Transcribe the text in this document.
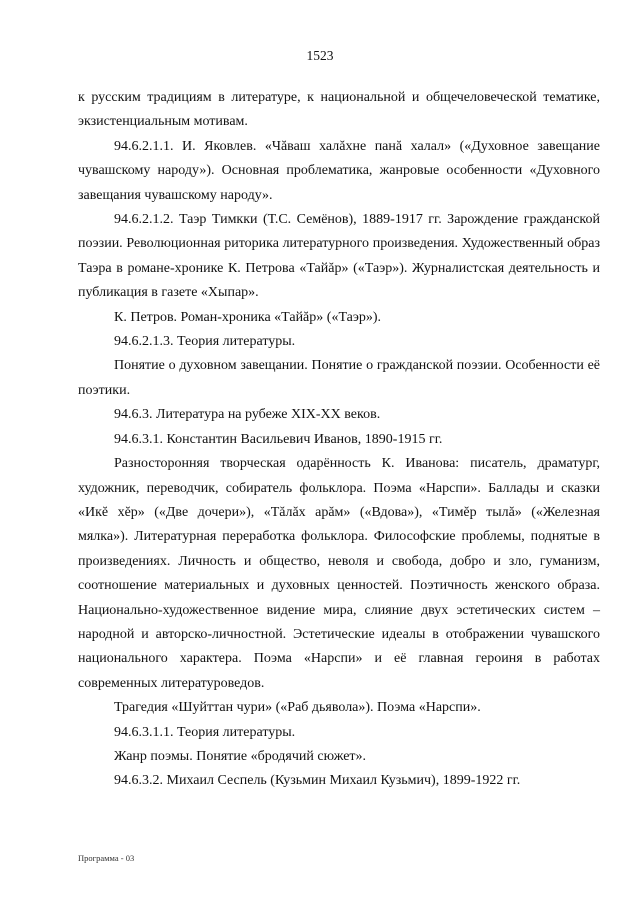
1523

к русским традициям в литературе, к национальной и общечеловеческой тематике, экзистенциальным мотивам.

94.6.2.1.1. И. Яковлев. «Чăваш халăхне панă халал» («Духовное завещание чувашскому народу»). Основная проблематика, жанровые особенности «Духовного завещания чувашскому народу».

94.6.2.1.2. Таэр Тимкки (Т.С. Семёнов), 1889-1917 гг. Зарождение гражданской поэзии. Революционная риторика литературного произведения. Художественный образ Таэра в романе-хронике К. Петрова «Тайăр» («Таэр»). Журналистская деятельность и публикация в газете «Хыпар».

К. Петров. Роман-хроника «Тайăр» («Таэр»).

94.6.2.1.3. Теория литературы.

Понятие о духовном завещании. Понятие о гражданской поэзии. Особенности её поэтики.

94.6.3. Литература на рубеже XIX-XX веков.

94.6.3.1. Константин Васильевич Иванов, 1890-1915 гг.

Разносторонняя творческая одарённость К. Иванова: писатель, драматург, художник, переводчик, собиратель фольклора. Поэма «Нарспи». Баллады и сказки «Икĕ хĕр» («Две дочери»), «Тăлăх арăм» («Вдова»), «Тимĕр тылă» («Железная мялка»). Литературная переработка фольклора. Философские проблемы, поднятые в произведениях. Личность и общество, неволя и свобода, добро и зло, гуманизм, соотношение материальных и духовных ценностей. Поэтичность женского образа. Национально-художественное видение мира, слияние двух эстетических систем – народной и авторско-личностной. Эстетические идеалы в отображении чувашского национального характера. Поэма «Нарспи» и её главная героиня в работах современных литературоведов.

Трагедия «Шуйттан чури» («Раб дьявола»). Поэма «Нарспи».

94.6.3.1.1. Теория литературы.

Жанр поэмы. Понятие «бродячий сюжет».

94.6.3.2. Михаил Сеспель (Кузьмин Михаил Кузьмич), 1899-1922 гг.

Программа - 03
